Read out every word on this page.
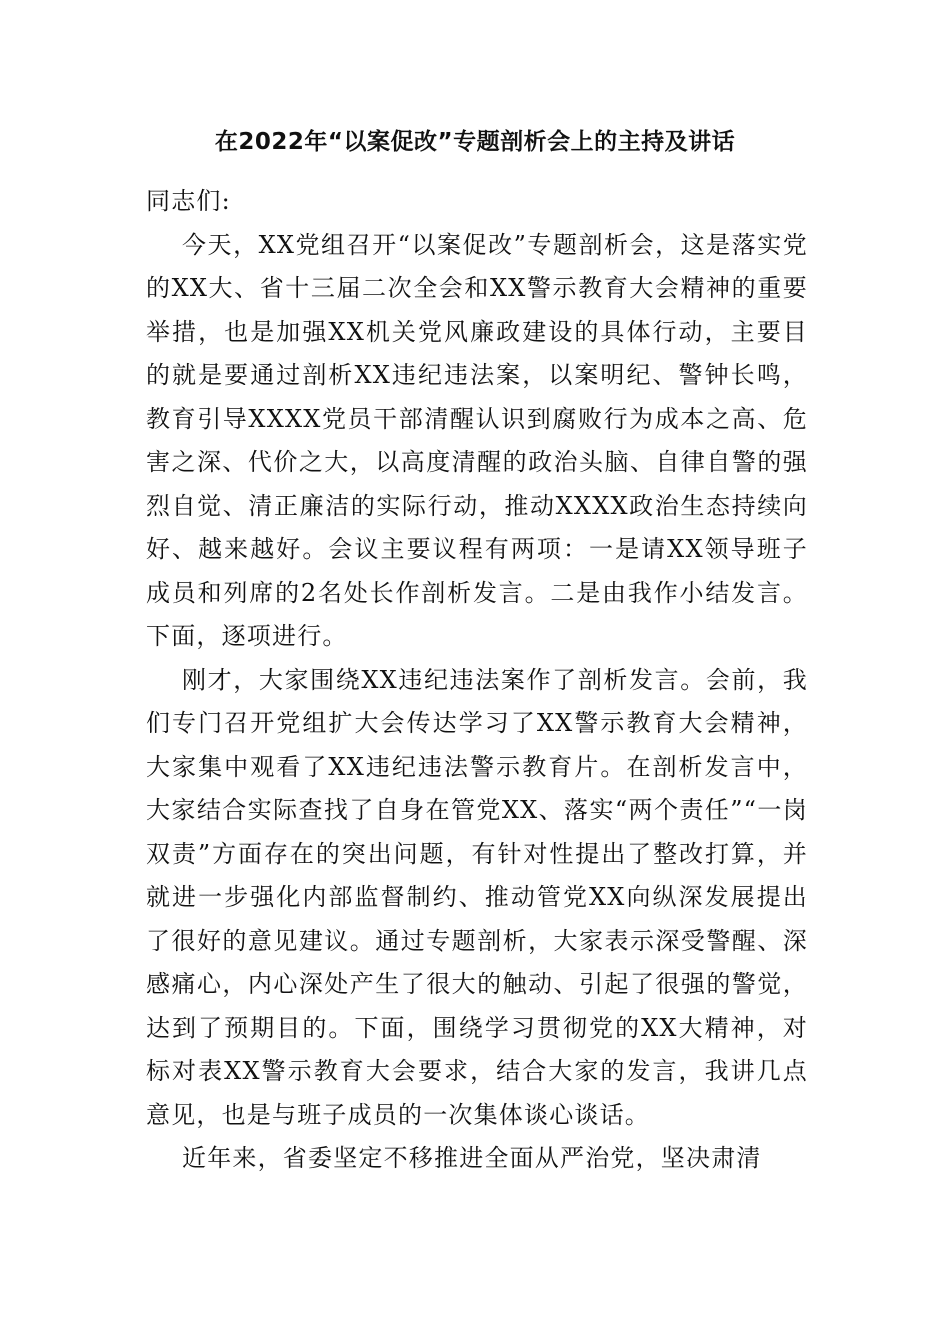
在2022年“以案促改”专题剖析会上的主持及讲话

同志们:

今天，XX党组召开“以案促改”专题剖析会，这是落实党的XX大、省十三届二次全会和XX警示教育大会精神的重要举措，也是加强XX机关党风廉政建设的具体行动，主要目的就是要通过剖析XX违纪违法案，以案明纪、警钟长鸣，教育引导XXXX党员干部清醒认识到腐败行为成本之高、危害之深、代价之大，以高度清醒的政治头脑、自律自警的强烈自觉、清正廉洁的实际行动，推动XXXX政治生态持续向好、越来越好。会议主要议程有两项：一是请XX领导班子成员和列席的2名处长作剖析发言。二是由我作小结发言。下面，逐项进行。

刚才，大家围绕XX违纪违法案作了剖析发言。会前，我们专门召开党组扩大会传达学习了XX警示教育大会精神，大家集中观看了XX违纪违法警示教育片。在剖析发言中，大家结合实际查找了自身在管党XX、落实“两个责任”“一岗双责”方面存在的突出问题，有针对性提出了整改打算，并就进一步强化内部监督制约、推动管党XX向纵深发展提出了很好的意见建议。通过专题剖析，大家表示深受警醒、深感痛心，内心深处产生了很大的触动、引起了很强的警觉，达到了预期目的。下面，围绕学习贯彻党的XX大精神，对标对表XX警示教育大会要求，结合大家的发言，我讲几点意见，也是与班子成员的一次集体谈心谈话。

近年来，省委坚定不移推进全面从严治党，坚决肃清
